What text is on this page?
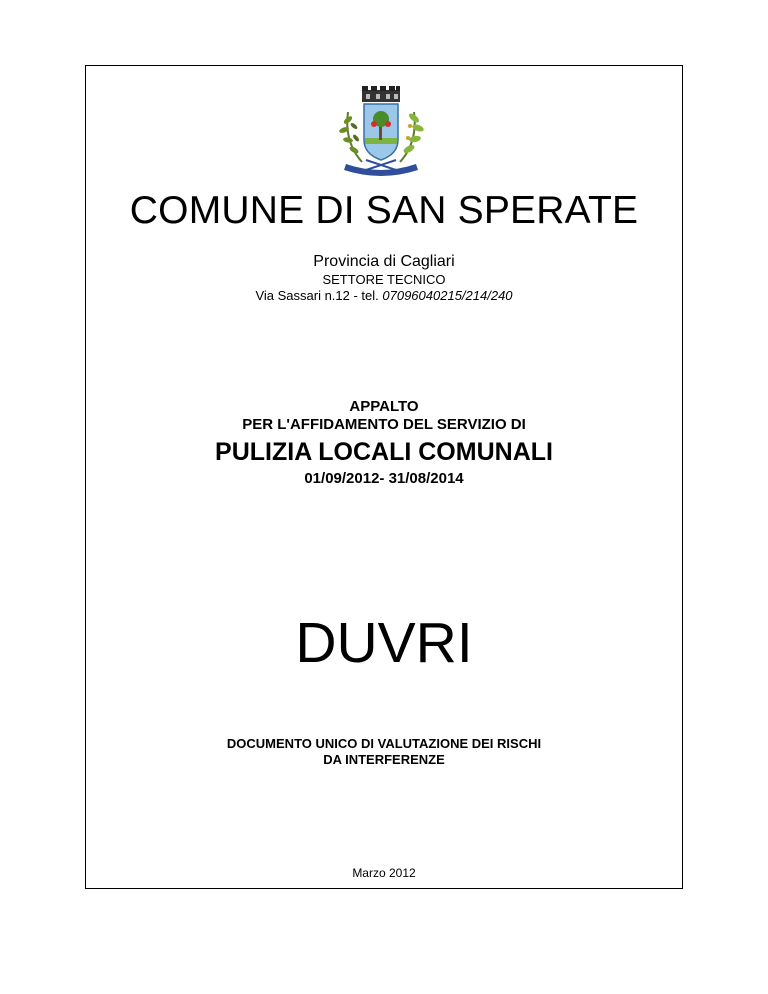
COMUNE DI SAN SPERATE
Provincia di Cagliari
SETTORE TECNICO
Via Sassari n.12 - tel. 07096040215/214/240
APPALTO
PER L'AFFIDAMENTO DEL SERVIZIO DI
PULIZIA LOCALI COMUNALI
01/09/2012- 31/08/2014
DUVRI
DOCUMENTO UNICO DI VALUTAZIONE DEI RISCHI
DA INTERFERENZE
Marzo 2012
